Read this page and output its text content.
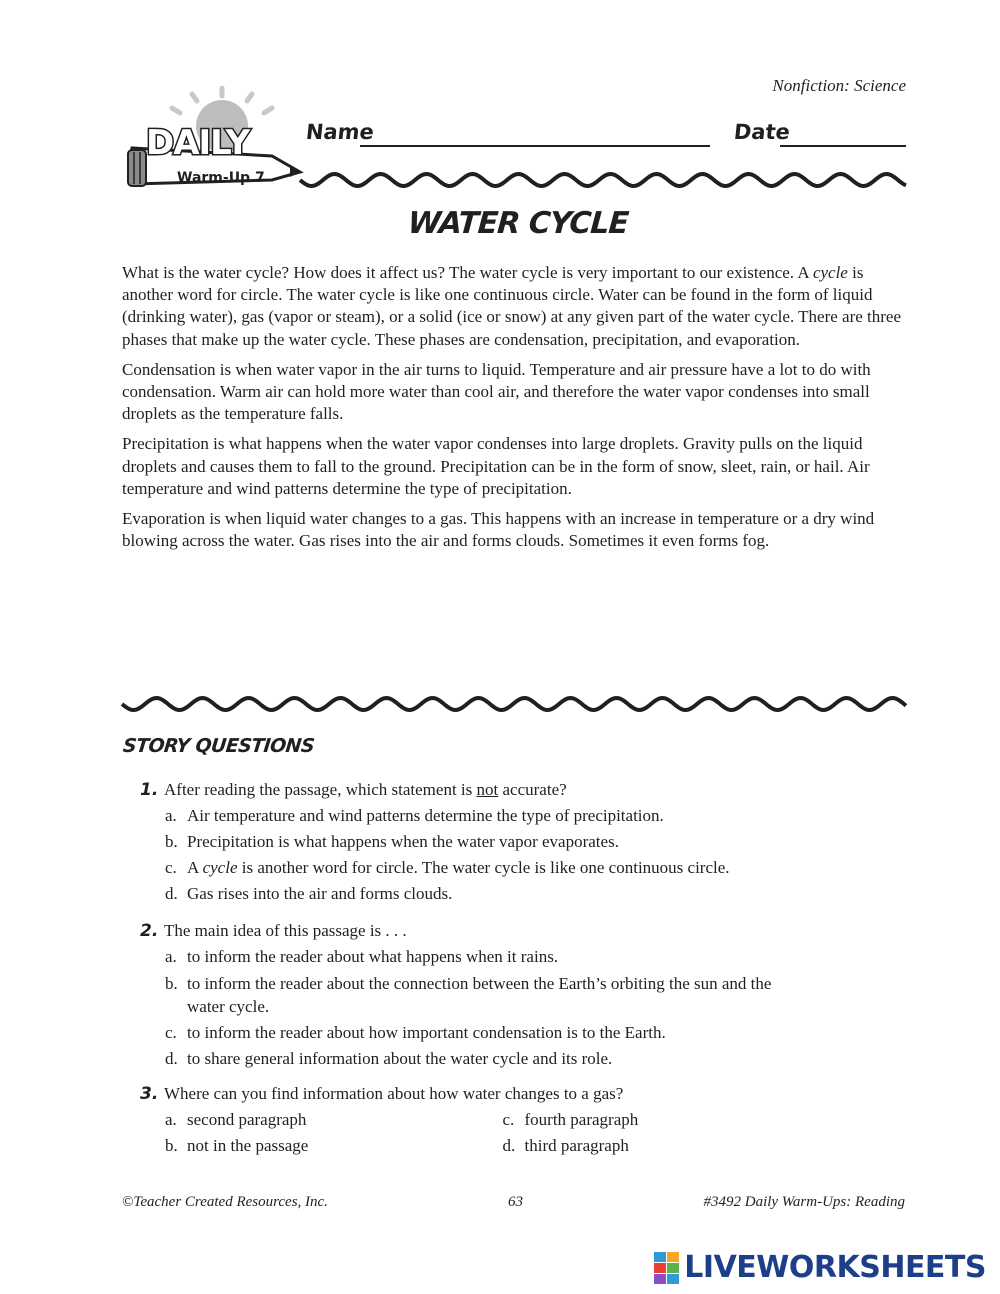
Nonfiction: Science
DAILY
Warm-Up 7
Name	Date
WATER CYCLE

What is the water cycle? How does it affect us? The water cycle is very important to our existence. A cycle is another word for circle. The water cycle is like one continuous circle. Water can be found in the form of liquid (drinking water), gas (vapor or steam), or a solid (ice or snow) at any given part of the water cycle. There are three phases that make up the water cycle. These phases are condensation, precipitation, and evaporation.

Condensation is when water vapor in the air turns to liquid. Temperature and air pressure have a lot to do with condensation. Warm air can hold more water than cool air, and therefore the water vapor condenses into small droplets as the temperature falls.

Precipitation is what happens when the water vapor condenses into large droplets. Gravity pulls on the liquid droplets and causes them to fall to the ground. Precipitation can be in the form of snow, sleet, rain, or hail. Air temperature and wind patterns determine the type of precipitation.

Evaporation is when liquid water changes to a gas. This happens with an increase in temperature or a dry wind blowing across the water. Gas rises into the air and forms clouds. Sometimes it even forms fog.

STORY QUESTIONS
1. After reading the passage, which statement is not accurate?
a. Air temperature and wind patterns determine the type of precipitation.
b. Precipitation is what happens when the water vapor evaporates.
c. A cycle is another word for circle. The water cycle is like one continuous circle.
d. Gas rises into the air and forms clouds.
2. The main idea of this passage is . . .
a. to inform the reader about what happens when it rains.
b. to inform the reader about the connection between the Earth’s orbiting the sun and the water cycle.
c. to inform the reader about how important condensation is to the Earth.
d. to share general information about the water cycle and its role.
3. Where can you find information about how water changes to a gas?
a. second paragraph	c. fourth paragraph
b. not in the passage	d. third paragraph
©Teacher Created Resources, Inc.	63	#3492 Daily Warm-Ups: Reading
LIVEWORKSHEETS
